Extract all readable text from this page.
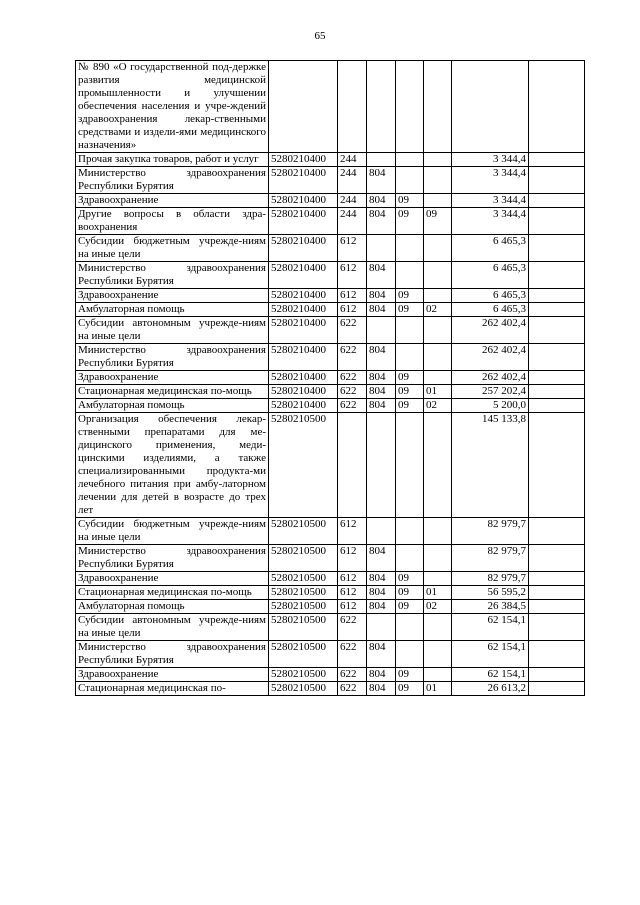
65
№ 890 «О государственной под-держке развития медицинской промышленности и улучшении обеспечения населения и учре-ждений здравоохранения лекар-ственными средствами и издели-ями медицинского назначения»							
Прочая закупка товаров, работ и услуг	5280210400	244				3 344,4	
Министерство здравоохранения Республики Бурятия	5280210400	244	804			3 344,4	
Здравоохранение	5280210400	244	804	09		3 344,4	
Другие вопросы в области здра-воохранения	5280210400	244	804	09	09	3 344,4	
Субсидии бюджетным учрежде-ниям на иные цели	5280210400	612				6 465,3	
Министерство здравоохранения Республики Бурятия	5280210400	612	804			6 465,3	
Здравоохранение	5280210400	612	804	09		6 465,3	
Амбулаторная помощь	5280210400	612	804	09	02	6 465,3	
Субсидии автономным учрежде-ниям на иные цели	5280210400	622				262 402,4	
Министерство здравоохранения Республики Бурятия	5280210400	622	804			262 402,4	
Здравоохранение	5280210400	622	804	09		262 402,4	
Стационарная медицинская по-мощь	5280210400	622	804	09	01	257 202,4	
Амбулаторная помощь	5280210400	622	804	09	02	5 200,0	
Организация обеспечения лекар-ственными препаратами для ме-дицинского применения, меди-цинскими изделиями, а также специализированными продукта-ми лечебного питания при амбу-латорном лечении для детей в возрасте до трех лет	5280210500					145 133,8	
Субсидии бюджетным учрежде-ниям на иные цели	5280210500	612				82 979,7	
Министерство здравоохранения Республики Бурятия	5280210500	612	804			82 979,7	
Здравоохранение	5280210500	612	804	09		82 979,7	
Стационарная медицинская по-мощь	5280210500	612	804	09	01	56 595,2	
Амбулаторная помощь	5280210500	612	804	09	02	26 384,5	
Субсидии автономным учрежде-ниям на иные цели	5280210500	622				62 154,1	
Министерство здравоохранения Республики Бурятия	5280210500	622	804			62 154,1	
Здравоохранение	5280210500	622	804	09		62 154,1	
Стационарная медицинская по-	5280210500	622	804	09	01	26 613,2	
